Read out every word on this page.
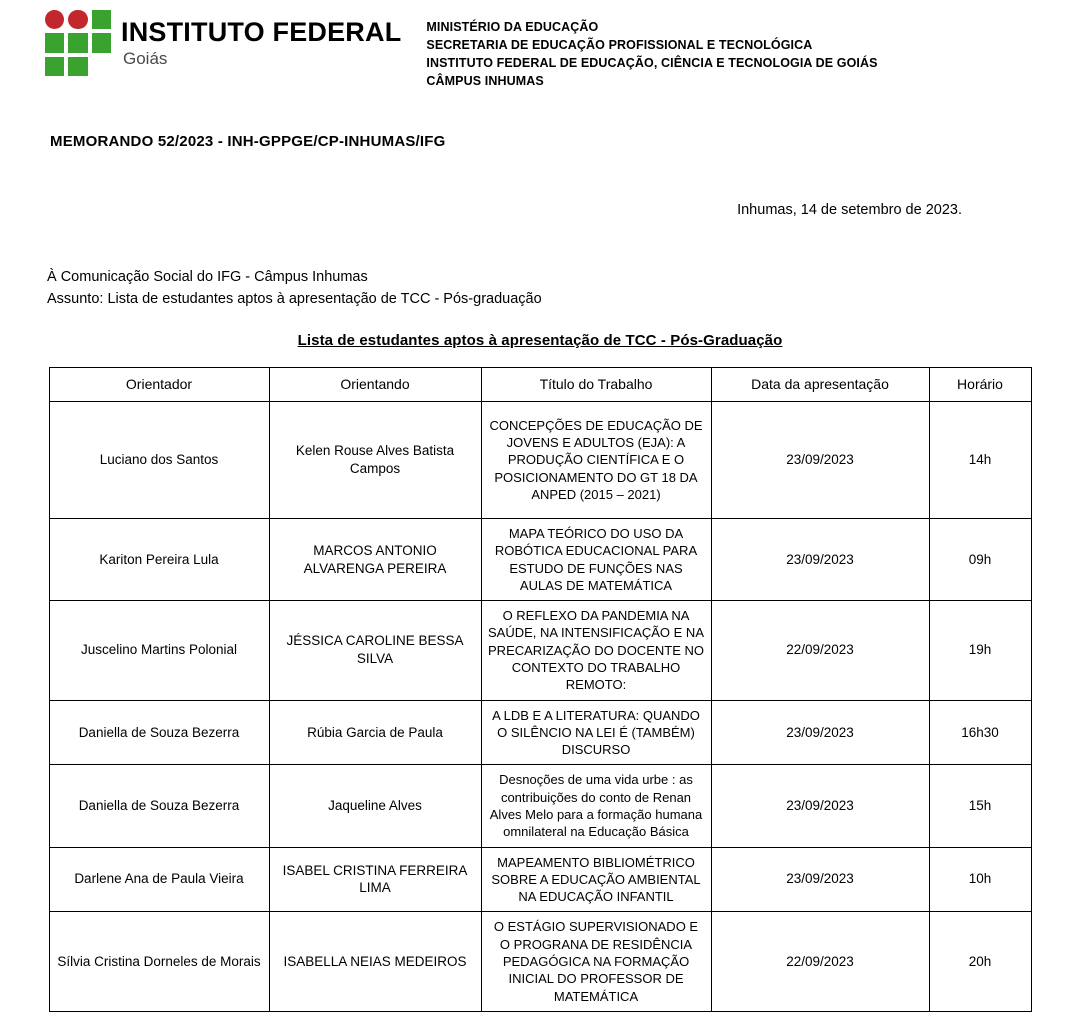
INSTITUTO FEDERAL
Goiás
MINISTÉRIO DA EDUCAÇÃO
SECRETARIA DE EDUCAÇÃO PROFISSIONAL E TECNOLÓGICA
INSTITUTO FEDERAL DE EDUCAÇÃO, CIÊNCIA E TECNOLOGIA DE GOIÁS
CÂMPUS INHUMAS
MEMORANDO 52/2023 - INH-GPPGE/CP-INHUMAS/IFG
Inhumas, 14 de setembro de 2023.
À Comunicação Social do IFG - Câmpus Inhumas
Assunto: Lista de estudantes aptos à apresentação de TCC - Pós-graduação
Lista de estudantes aptos à apresentação de TCC - Pós-Graduação
Orientador	Orientando	Título do Trabalho	Data da apresentação	Horário
Luciano dos Santos	Kelen Rouse Alves Batista Campos	CONCEPÇÕES DE EDUCAÇÃO DE JOVENS E ADULTOS (EJA): A PRODUÇÃO CIENTÍFICA E O POSICIONAMENTO DO GT 18 DA ANPED (2015 – 2021)	23/09/2023	14h
Kariton Pereira Lula	MARCOS ANTONIO ALVARENGA PEREIRA	MAPA TEÓRICO DO USO DA ROBÓTICA EDUCACIONAL PARA ESTUDO DE FUNÇÕES NAS AULAS DE MATEMÁTICA	23/09/2023	09h
Juscelino Martins Polonial	JÉSSICA CAROLINE BESSA SILVA	O REFLEXO DA PANDEMIA NA SAÚDE, NA INTENSIFICAÇÃO E NA PRECARIZAÇÃO DO DOCENTE NO CONTEXTO DO TRABALHO REMOTO:	22/09/2023	19h
Daniella de Souza Bezerra	Rúbia Garcia de Paula	A LDB E A LITERATURA: QUANDO O SILÊNCIO NA LEI É (TAMBÉM) DISCURSO	23/09/2023	16h30
Daniella de Souza Bezerra	Jaqueline Alves	Desnoções de uma vida urbe : as contribuições do conto de Renan Alves Melo para a formação humana omnilateral na Educação Básica	23/09/2023	15h
Darlene Ana de Paula Vieira	ISABEL CRISTINA FERREIRA LIMA	MAPEAMENTO BIBLIOMÉTRICO SOBRE A EDUCAÇÃO AMBIENTAL NA EDUCAÇÃO INFANTIL	23/09/2023	10h
Sílvia Cristina Dorneles de Morais	ISABELLA NEIAS MEDEIROS	O ESTÁGIO SUPERVISIONADO E O PROGRANA DE RESIDÊNCIA PEDAGÓGICA NA FORMAÇÃO INICIAL DO PROFESSOR DE MATEMÁTICA	22/09/2023	20h
